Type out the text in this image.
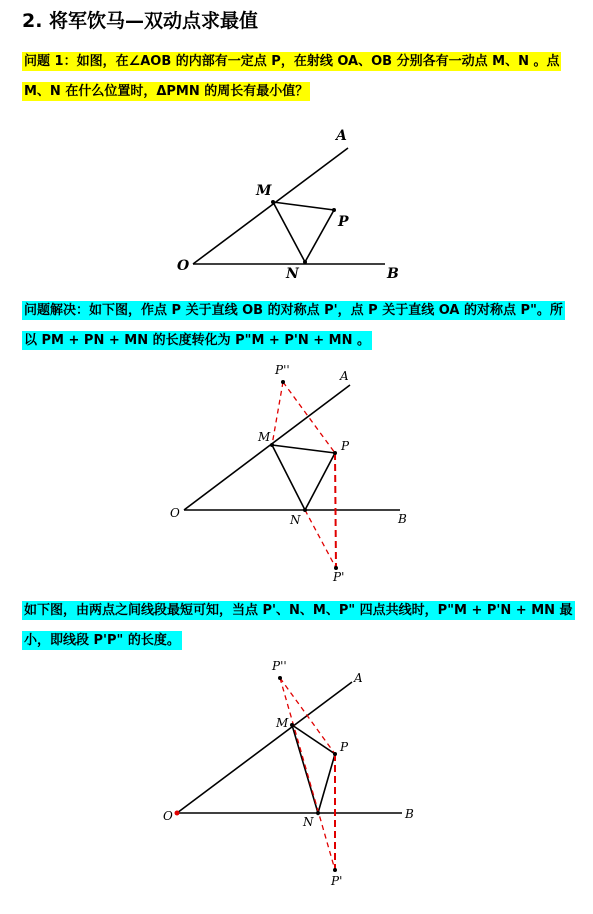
2. 将军饮马—双动点求最值
问题 1：如图，在∠AOB 的内部有一定点 P，在射线 OA、OB 分别各有一动点 M、N 。点
M、N 在什么位置时，ΔPMN 的周长有最小值？
A
M
P
O	N	B
问题解决：如下图，作点 P 关于直线 OB 的对称点 P'，点 P 关于直线 OA 的对称点 P"。所
以 PM + PN + MN 的长度转化为 P"M + P'N + MN 。
P''	A
M
P
O	N	B
P'
如下图，由两点之间线段最短可知，当点 P'、N、M、P" 四点共线时，P"M + P'N + MN 最
小，即线段 P'P" 的长度。
P''
A
M
P
O	N
B
P'
